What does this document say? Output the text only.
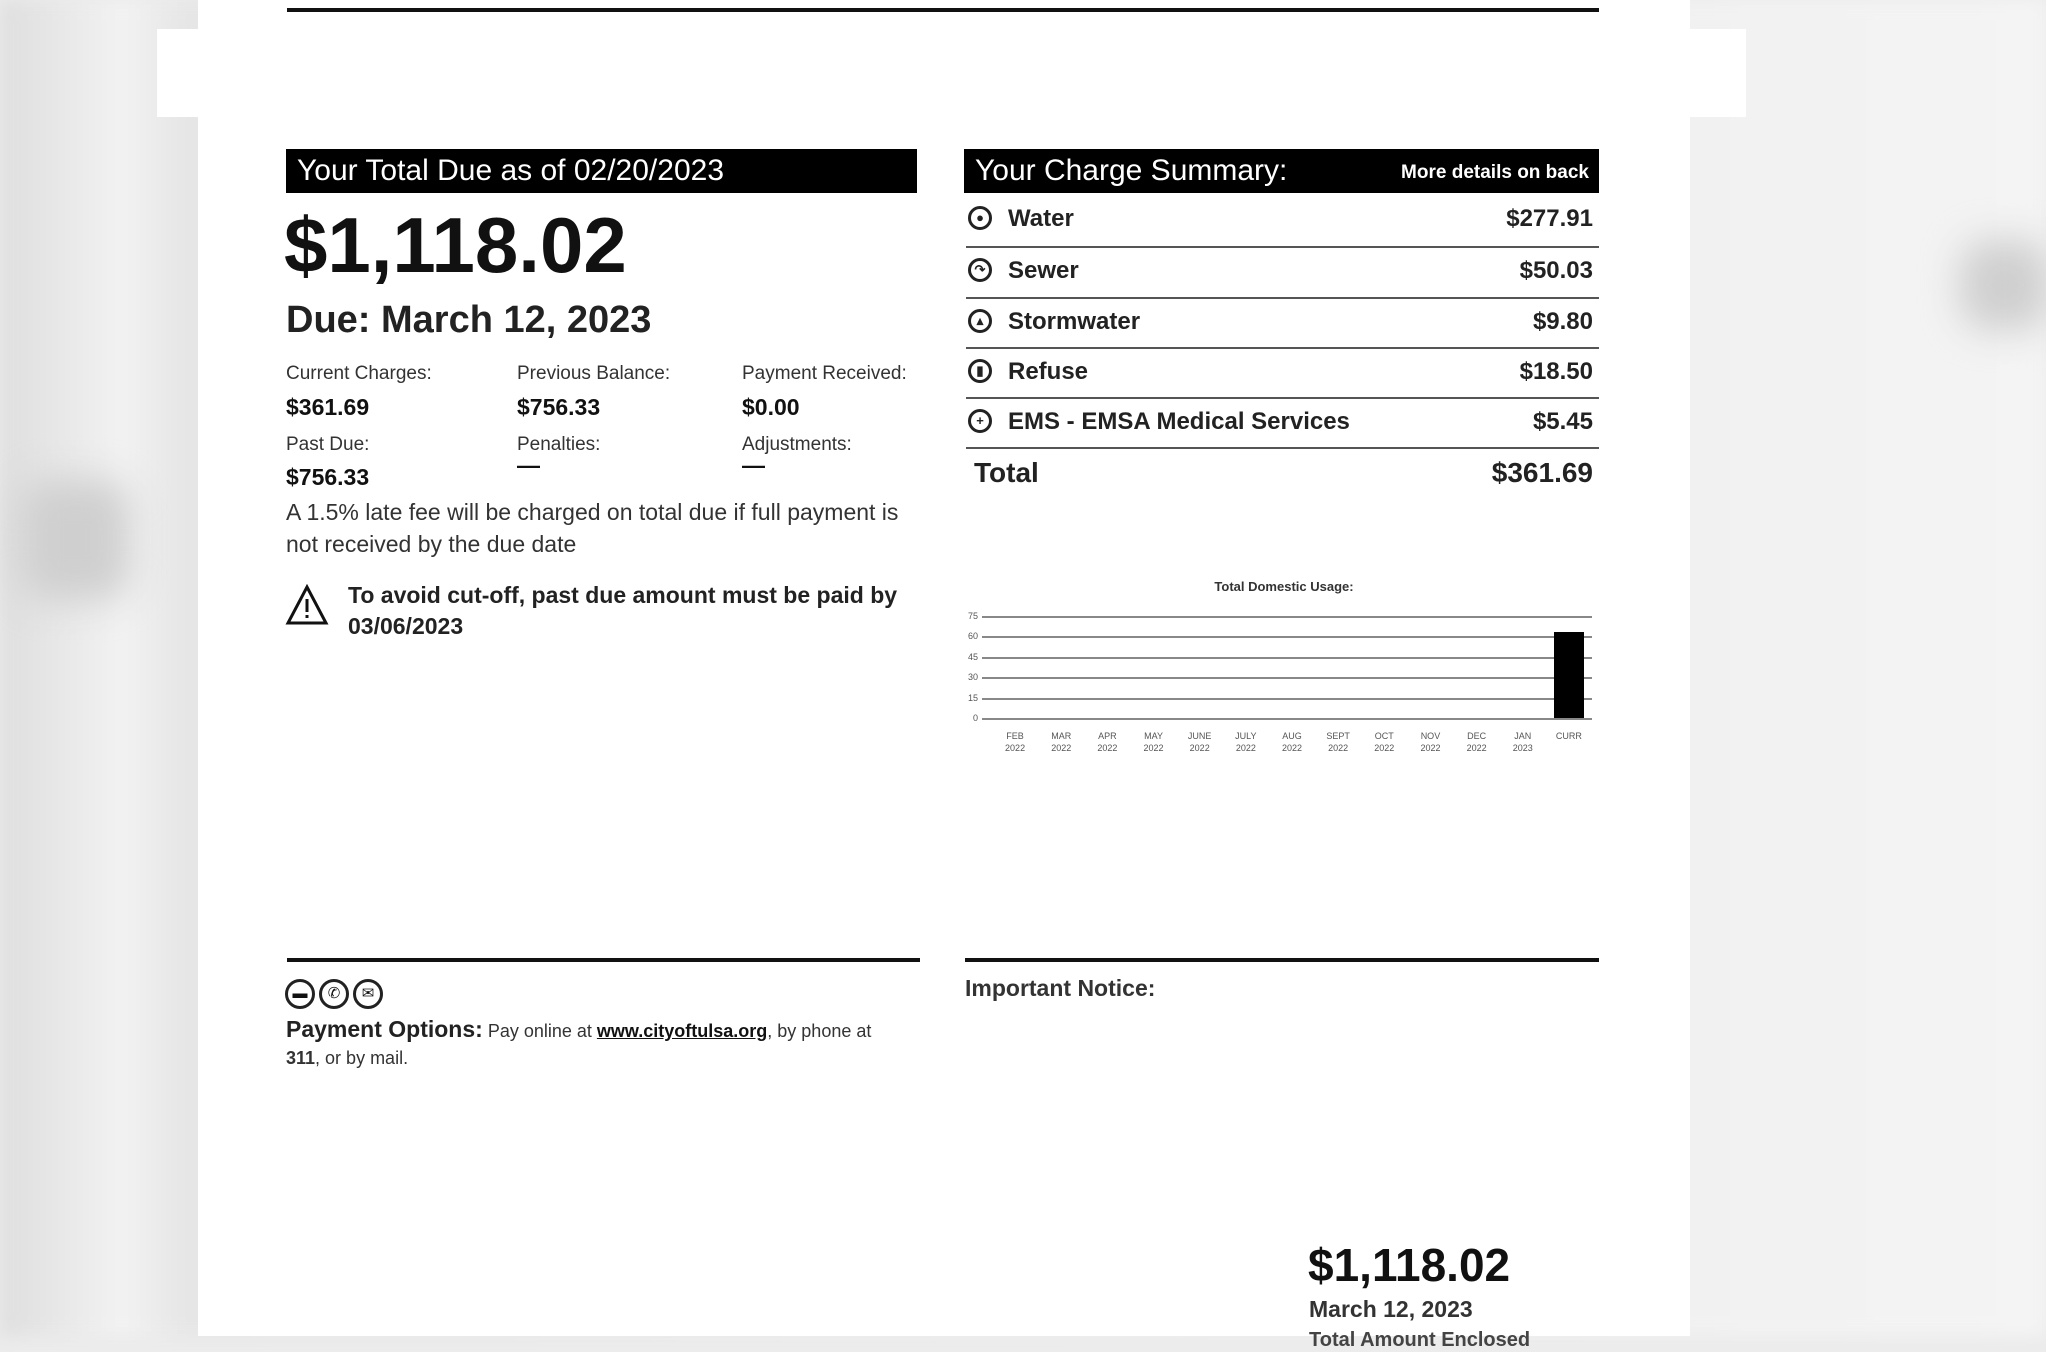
Your Total Due as of 02/20/2023
$1,118.02
Due: March 12, 2023
Current Charges:
$361.69
Previous Balance:
$756.33
Payment Received:
$0.00
Past Due:
$756.33
Penalties:
—
Adjustments:
—
A 1.5% late fee will be charged on total due if full payment is not received by the due date
To avoid cut-off, past due amount must be paid by 03/06/2023
Your Charge Summary:	More details on back
●	Water	$277.91
↷ Sewer	$50.03
▴	Stormwater	$9.80
▮	Refuse	$18.50
+	EMS - EMSA Medical Services	$5.45
Total	$361.69
Total Domestic Usage:
0
15
30
45
60
75
FEB
2022
MAR
2022
APR
2022
MAY
2022
JUNE
2022
JULY
2022
AUG
2022
SEPT
2022
OCT
2022
NOV
2022
DEC
2022
JAN
2023
CURR
▬ ✆ ✉
Payment Options: Pay online at www.cityoftulsa.org, by phone at
311, or by mail.
Important Notice:
$1,118.02
March 12, 2023
Total Amount Enclosed
